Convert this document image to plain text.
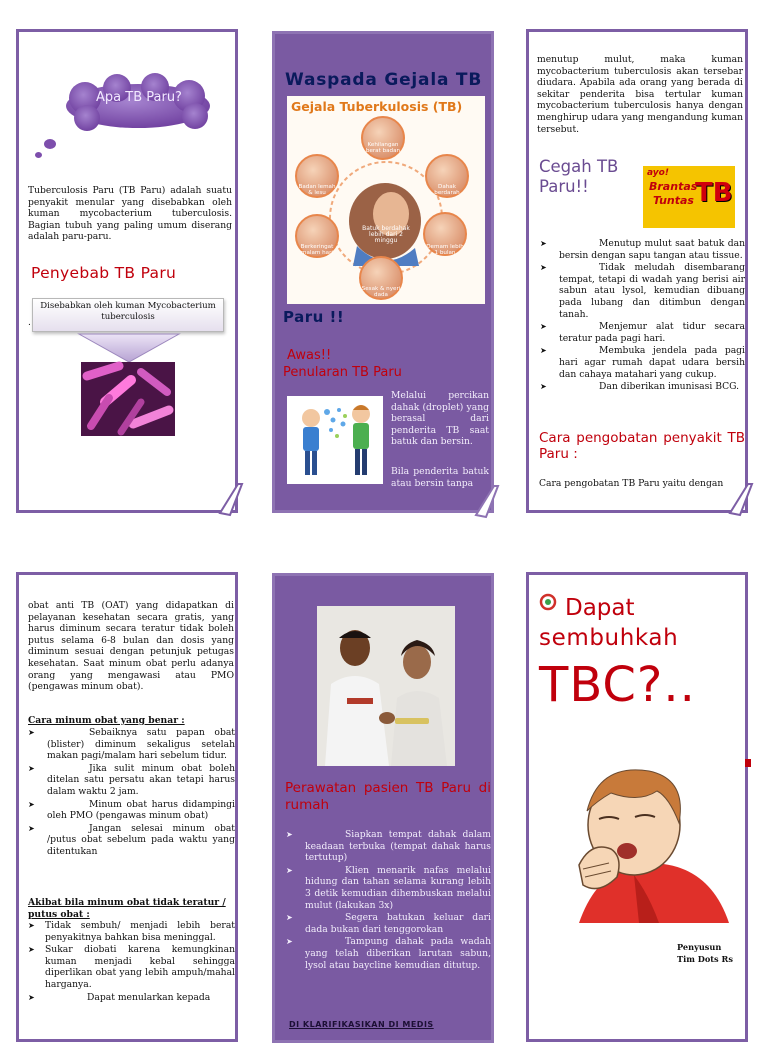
Apa TB Paru?
Tuberculosis Paru (TB Paru) adalah suatu penyakit menular yang disebabkan oleh kuman mycobacterium tuberculosis. Bagian tubuh yang paling umum diserang adalah paru-paru.
Penyebab TB Paru
Disebabkan oleh kuman Mycobacterium tuberculosis
.
Waspada Gejala TB
Gejala Tuberkulosis (TB)
Kehilangan berat badan
Badan lemah & lesu
Dahak berdarah
Batuk berdahak lebih dari 2 minggu
Berkeringat malam hari
Demam lebih 1 bulan
Sesak & nyeri dada
Paru !!
Awas!!
Penularan TB Paru
Melalui percikan dahak (droplet) yang berasal dari penderita TB saat batuk dan bersin.
Bila penderita batuk atau bersin tanpa
menutup mulut, maka kuman mycobacterium tuberculosis akan tersebar diudara. Apabila ada orang yang berada di sekitar penderita bisa tertular kuman mycobacterium tuberculosis hanya dengan menghirup udara yang mengandung kuman tersebut.
Cegah TB Paru!!
ayo!
Brantas
Tuntas TB
➤ Menutup mulut saat batuk dan bersin dengan sapu tangan atau tissue.
➤ Tidak meludah disembarang tempat, tetapi di wadah yang berisi air sabun atau lysol, kemudian dibuang pada lubang dan ditimbun dengan tanah.
➤ Menjemur alat tidur secara teratur pada pagi hari.
➤ Membuka jendela pada pagi hari agar rumah dapat udara bersih dan cahaya matahari yang cukup.
➤ Dan diberikan imunisasi BCG.
Cara pengobatan penyakit TB Paru :
Cara pengobatan TB Paru yaitu dengan
obat anti TB (OAT) yang didapatkan di pelayanan kesehatan secara gratis, yang harus diminum secara teratur tidak boleh putus selama 6-8 bulan dan dosis yang diminum sesuai dengan petunjuk petugas kesehatan. Saat minum obat perlu adanya orang yang mengawasi atau PMO (pengawas minum obat).
Cara minum obat yang benar :
➤ Sebaiknya satu papan obat (blister) diminum sekaligus setelah makan pagi/malam hari sebelum tidur.
➤ Jika sulit minum obat boleh ditelan satu persatu akan tetapi harus dalam waktu 2 jam.
➤ Minum obat harus didampingi oleh PMO (pengawas minum obat)
➤ Jangan selesai minum obat /putus obat sebelum pada waktu yang ditentukan
Akibat bila minum obat tidak teratur / putus obat :
➤ Tidak sembuh/ menjadi lebih berat penyakitnya bahkan bisa meninggal.
➤ Sukar diobati karena kemungkinan kuman menjadi kebal sehingga diperlikan obat yang lebih ampuh/mahal harganya.
➤ Dapat menularkan kepada
Perawatan pasien TB Paru di rumah
➤ Siapkan tempat dahak dalam keadaan terbuka (tempat dahak harus tertutup)
➤ Klien menarik nafas melalui hidung dan tahan selama kurang lebih 3 detik kemudian dihembuskan melalui mulut (lakukan 3x)
➤ Segera batukan keluar dari dada bukan dari tenggorokan
➤ Tampung dahak pada wadah yang telah diberikan larutan sabun, lysol atau baycline kemudian ditutup.
DI KLARIFIKASIKAN DI MEDIS
Dapat
sembuhkah
TBC?..
Penyusun
Tim Dots Rs
